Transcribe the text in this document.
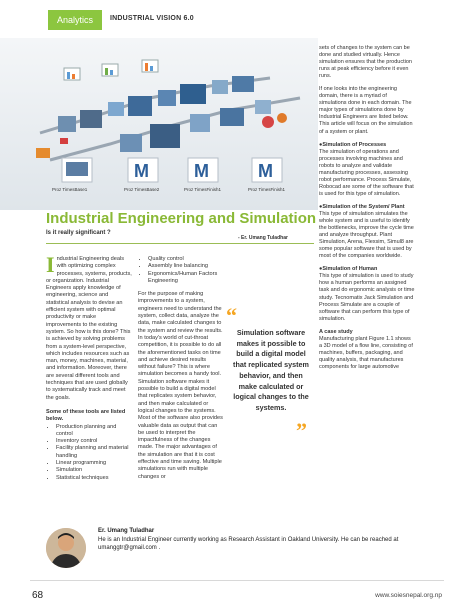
Analytics	INDUSTRIAL VISION 6.0
Proz TimesBase1
M
Proz TimesBase2
M
Proz TimesFinish1
M
Proz TimesFinish1
Industrial Engineering and Simulation
Is it really significant ?
- Er. Umang Tuladhar

Industrial Engineering deals with optimizing complex processes, systems, products, or organization. Industrial Engineers apply knowledge of engineering, science and statistical analysis to devise an efficient system with optimal productivity or make improvements to the existing system. So how is this done? This is achieved by solving problems from a system-level perspective, which includes resources such as man, money, machines, material, and information. Moreover, there are several different tools and techniques that are used globally to systematically track and meet the goals.

Some of these tools are listed below.

• Production planning and control
• Inventory control
• Facility planning and material handling
• Linear programming
• Simulation
• Statistical techniques
• Quality control
• Assembly line balancing
• Ergonomics/Human Factors Engineering

For the purpose of making improvements to a system, engineers need to understand the system, collect data, analyze the data, make calculated changes to the system and review the results. In today's world of cut-throat competition, it is possible to do all the aforementioned tasks on time and achieve desired results without failure? This is where simulation becomes a handy tool. Simulation software makes it possible to build a digital model that replicates system behavior, and then make calculated or logical changes to the systems. Most of the software also provides valuable data as output that can be used to interpret the impactfulness of the changes made. The major advantages of the simulation are that it is cost effective and time saving. Multiple simulations run with multiple changes or

“
Simulation software makes it possible to build a digital model that replicated system behavior, and then make calculated or logical changes to the systems.
”

sets of changes to the system can be done and studied virtually. Hence simulation ensures that the production runs at peak efficiency before it even runs.

If one looks into the engineering domain, there is a myriad of simulations done in each domain. The major types of simulations done by Industrial Engineers are listed below. This article will focus on the simulation of a system or plant.

● Simulation of Processes

The simulation of operations and processes involving machines and robots to analyze and validate manufacturing processes, assessing robot performance. Process Simulate, Robocad are some of the software that is used for this type of simulation.

● Simulation of the System/ Plant

This type of simulation simulates the whole system and is useful to identify the bottlenecks, improve the cycle time and analyze throughput. Plant Simulation, Arena, Flexsim, Simul8 are some popular software that is used by most of the companies worldwide.

● Simulation of Human

This type of simulation is used to study how a human performs an assigned task and do ergonomic analysis or time study. Tecnomatix Jack Simulation and Process Simulate are a couple of software that can perform this type of simulation.

A case study

Manufacturing plant Figure 1.1 shows a 3D model of a flow line, consisting of machines, buffers, packaging, and quality analysis, that manufactures components for large automotive

Er. Umang Tuladhar
He is an Industrial Engineer currently working as Research Assistant in Oakland University. He can be reached at umanggtr@gmail.com .
68	www.soiesnepal.org.np
